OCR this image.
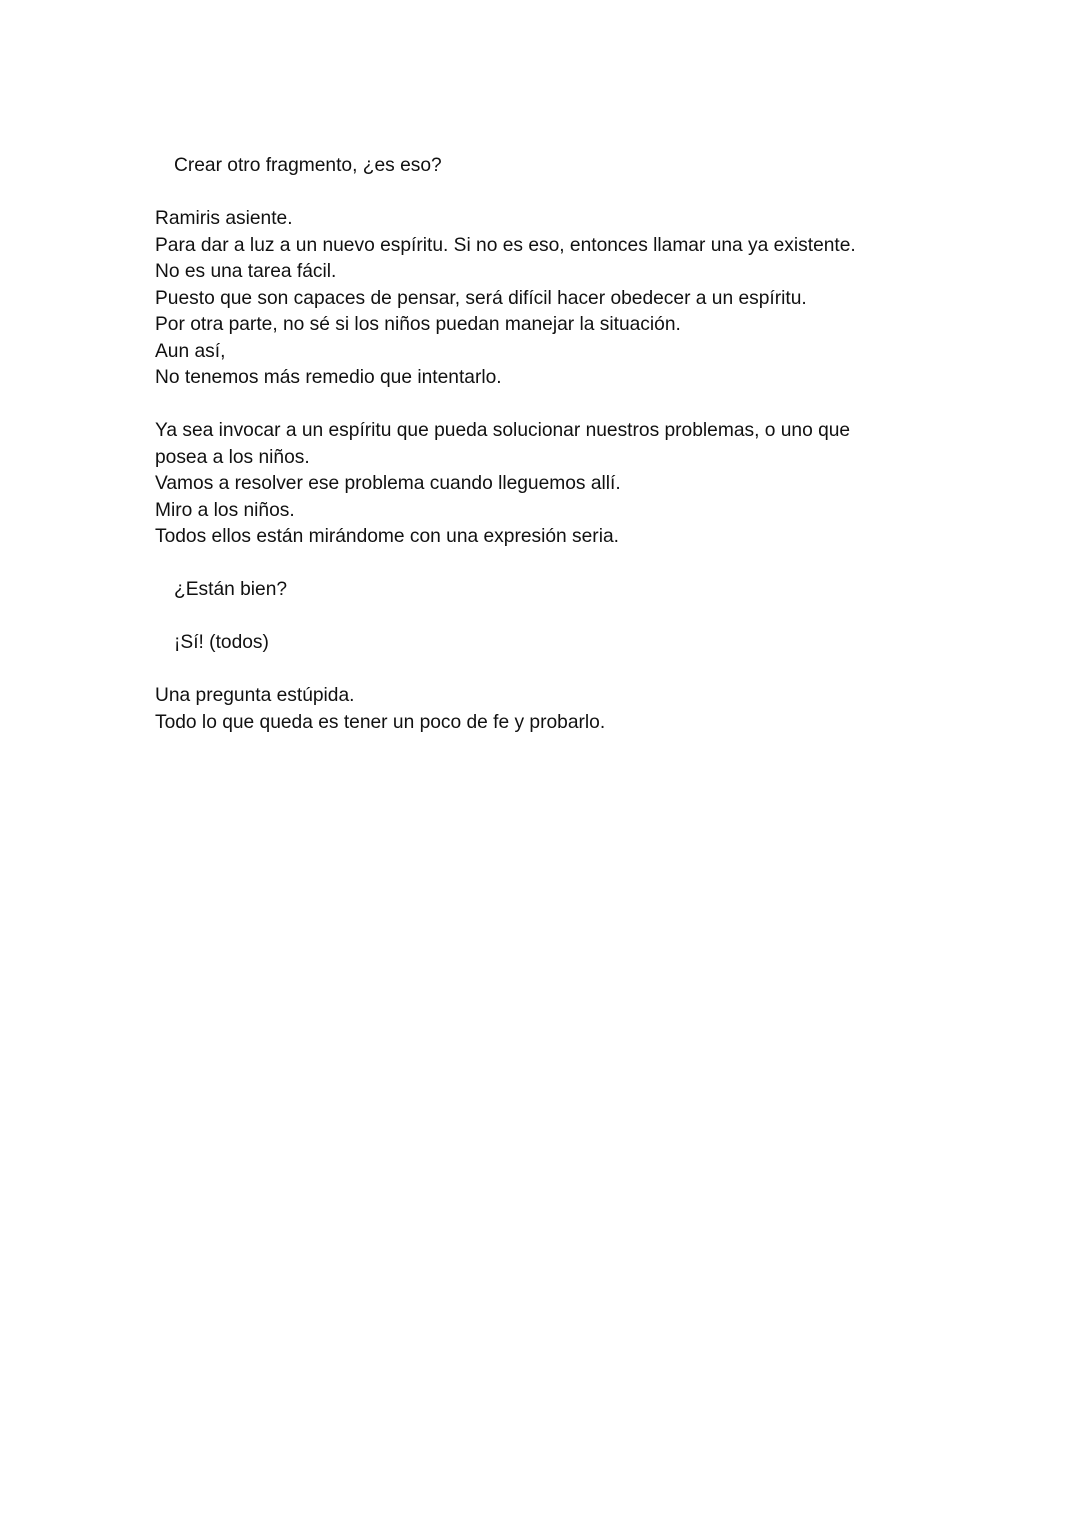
Crear otro fragmento, ¿es eso?
Ramiris asiente.
Para dar a luz a un nuevo espíritu. Si no es eso, entonces llamar una ya existente.
No es una tarea fácil.
Puesto que son capaces de pensar, será difícil hacer obedecer a un espíritu.
Por otra parte, no sé si los niños puedan manejar la situación.
Aun así,
No tenemos más remedio que intentarlo.
Ya sea invocar a un espíritu que pueda solucionar nuestros problemas, o uno que
posea a los niños.
Vamos a resolver ese problema cuando lleguemos allí.
Miro a los niños.
Todos ellos están mirándome con una expresión seria.
¿Están bien?
¡Sí! (todos)
Una pregunta estúpida.
Todo lo que queda es tener un poco de fe y probarlo.
